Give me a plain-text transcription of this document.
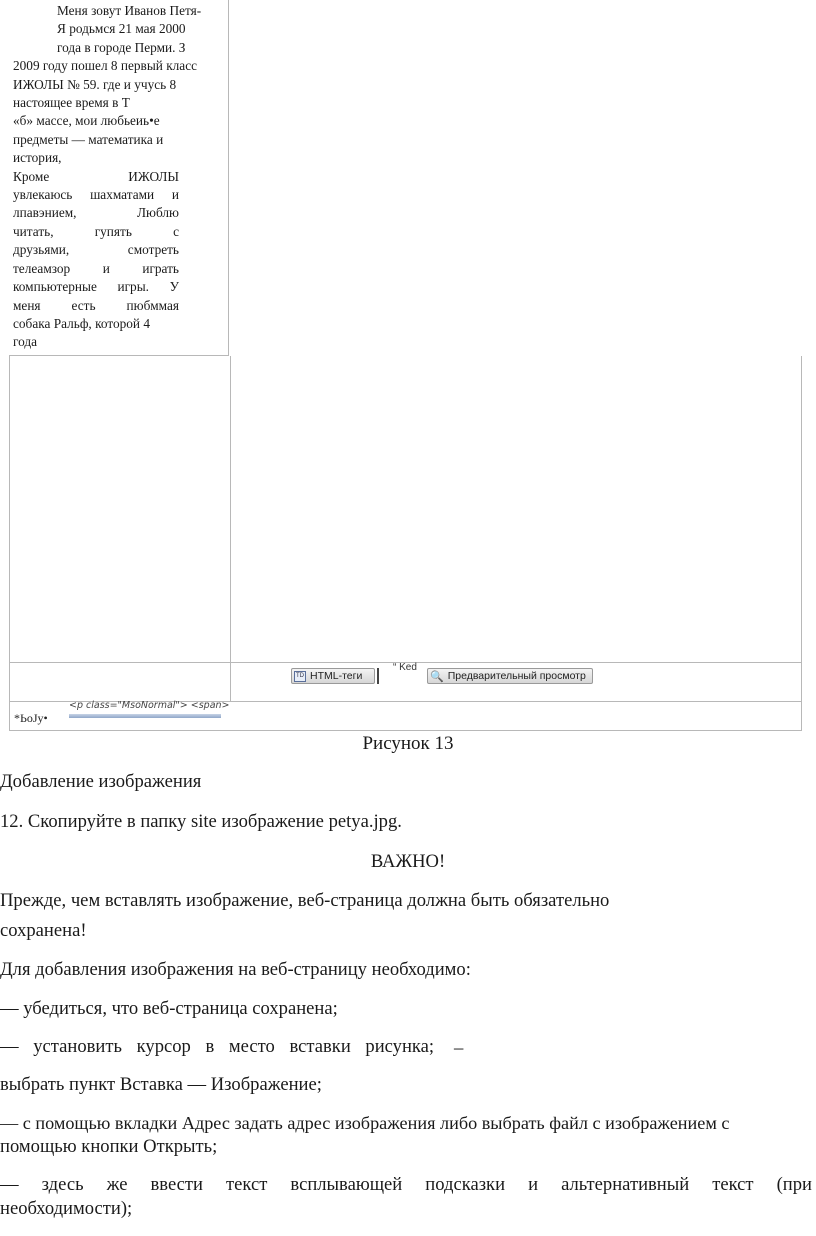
Меня зовут Иванов Петя-

Я родьмся 21 мая 2000

года в городе Перми. З

2009 году пошел 8 первый класс

ИЖОЛЫ № 59. где и учусь 8

настоящее время в Т

«б» массе, мои любьеиь•е

предметы — математика и

история,

Кроме ИЖОЛЫ

увлекаюсь шахматами и

лпавэнием, Люблю

читать, гупять с

друзьями, смотреть

телеамзор и играть

компьютерные игры. У

меня есть пюбммая

собака Ральф, которой 4

года

TD HTML-теги
“ Ked
🔍 Предварительный просмотр
<p class="MsoNormal"> <span>
*ЬоJу•

Рисунок 13

Добавление изображения

12. Скопируйте в папку site изображение petya.jpg.

ВАЖНО!

Прежде, чем вставлять изображение, веб-страница должна быть обязательно

сохранена!

Для добавления изображения на веб-страницу необходимо:

— убедиться, что веб-страница сохранена;

— установить курсор в место вставки рисунка;	_

выбрать пункт Вставка — Изображение;

— с помощью вкладки Адрес задать адрес изображения либо выбрать файл с изображением с

помощью кнопки Открыть;

— здесь же ввести текст всплывающей подсказки и альтернативный текст (при

необходимости);
